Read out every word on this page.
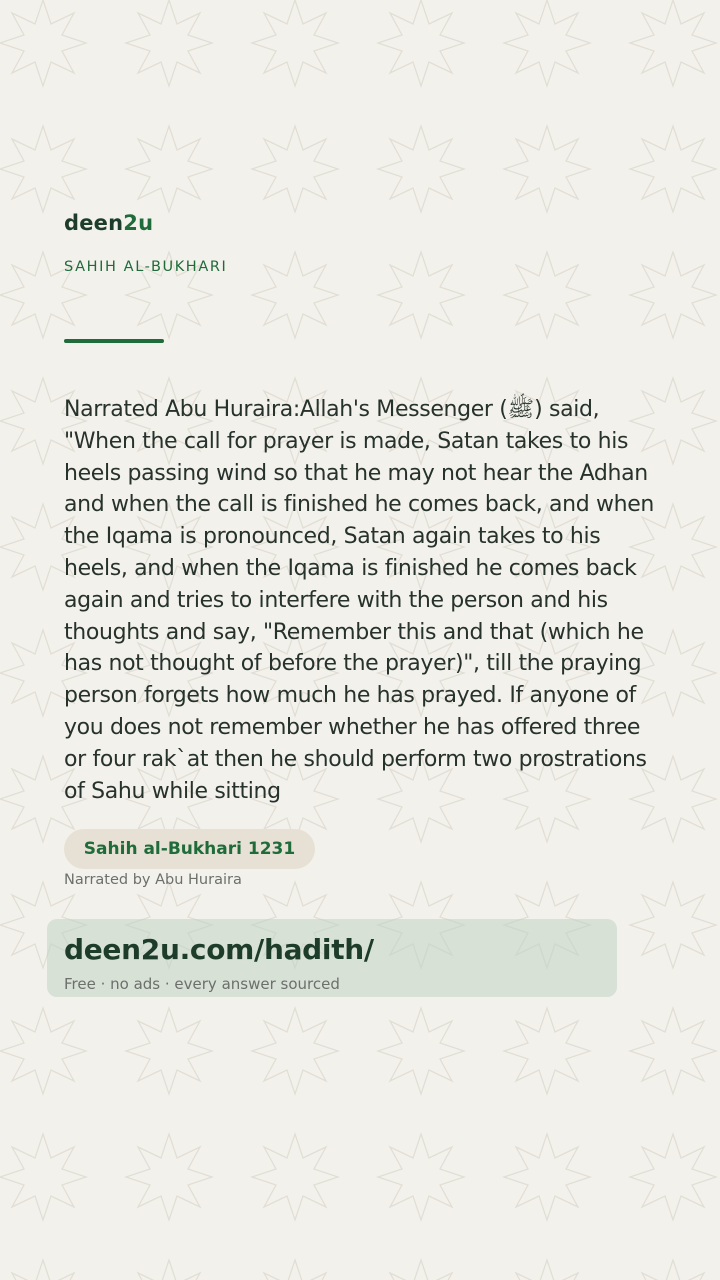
deen2u
SAHIH AL-BUKHARI
Narrated Abu Huraira:Allah's Messenger (ﷺ) said, "When the call for prayer is made, Satan takes to his heels passing wind so that he may not hear the Adhan and when the call is finished he comes back, and when the Iqama is pronounced, Satan again takes to his heels, and when the Iqama is finished he comes back again and tries to interfere with the person and his thoughts and say, "Remember this and that (which he has not thought of before the prayer)", till the praying person forgets how much he has prayed. If anyone of you does not remember whether he has offered three or four rak`at then he should perform two prostrations of Sahu while sitting
Sahih al-Bukhari 1231
Narrated by Abu Huraira
deen2u.com/hadith/
Free · no ads · every answer sourced
